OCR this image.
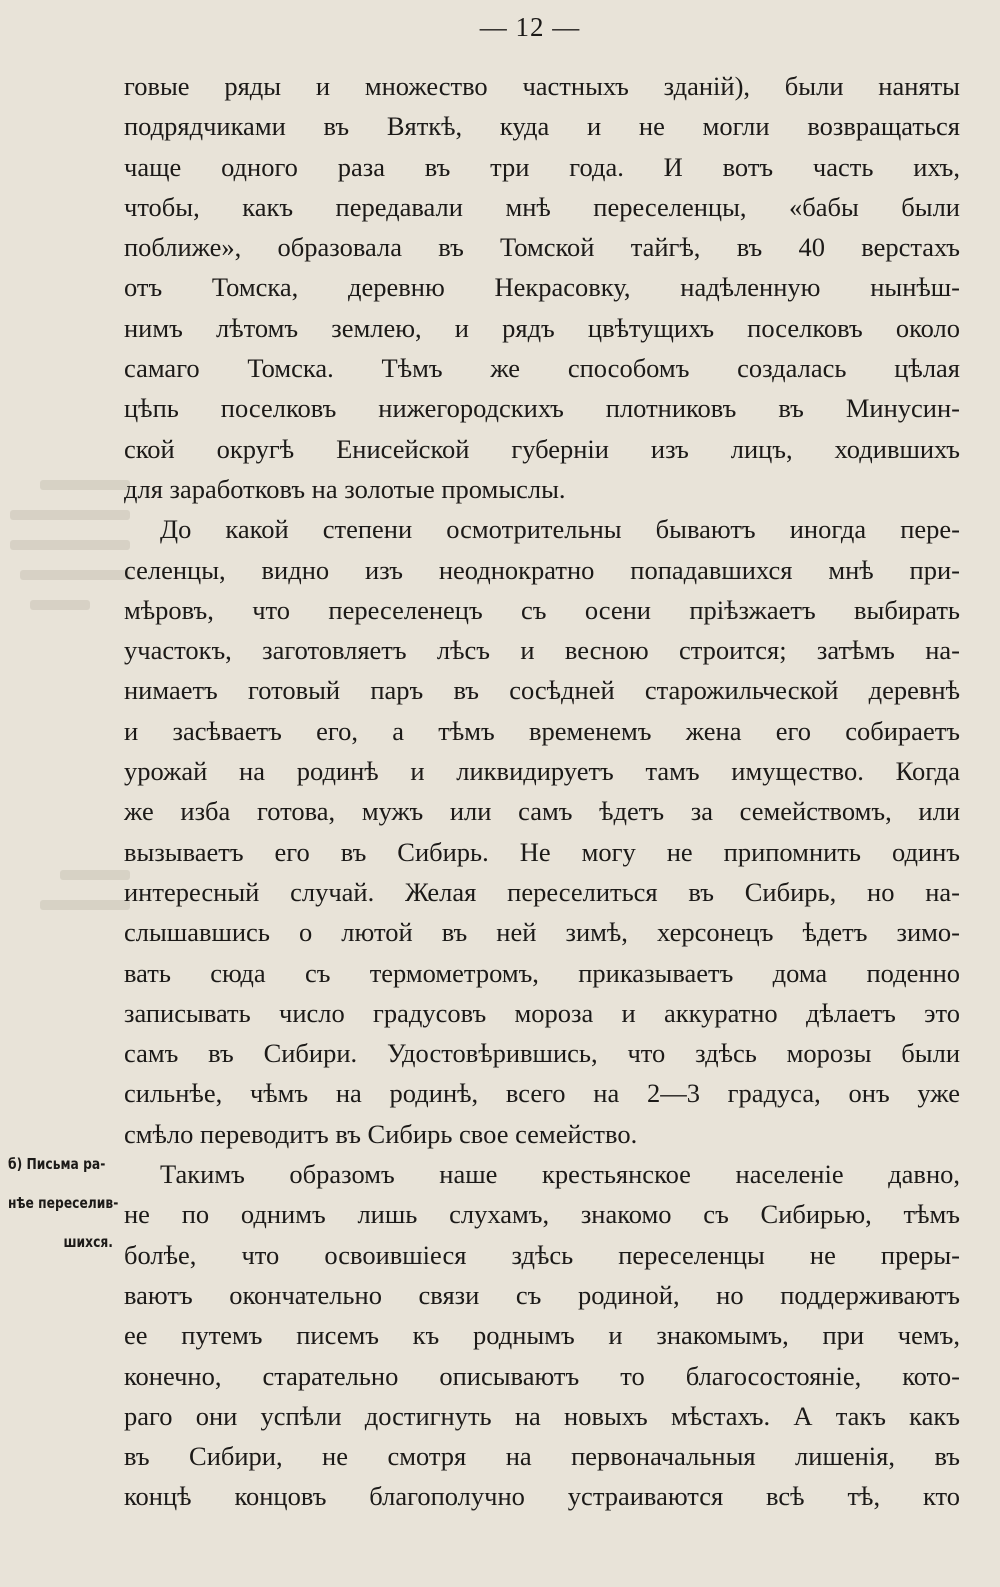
— 12 —
говые ряды и множество частныхъ зданій), были наняты
подрядчиками въ Вяткѣ, куда и не могли возвращаться
чаще одного раза въ три года. И вотъ часть ихъ,
чтобы, какъ передавали мнѣ переселенцы, «бабы были
поближе», образовала въ Томской тайгѣ, въ 40 верстахъ
отъ Томска, деревню Некрасовку, надѣленную нынѣш-
нимъ лѣтомъ землею, и рядъ цвѣтущихъ поселковъ около
самаго Томска. Тѣмъ же способомъ создалась цѣлая
цѣпь поселковъ нижегородскихъ плотниковъ въ Минусин-
ской округѣ Енисейской губерніи изъ лицъ, ходившихъ
для заработковъ на золотые промыслы.
До какой степени осмотрительны бываютъ иногда пере-
селенцы, видно изъ неоднократно попадавшихся мнѣ при-
мѣровъ, что переселенецъ съ осени пріѣзжаетъ выбирать
участокъ, заготовляетъ лѣсъ и весною строится; затѣмъ на-
нимаетъ готовый паръ въ сосѣдней старожильческой деревнѣ
и засѣваетъ его, а тѣмъ временемъ жена его собираетъ
урожай на родинѣ и ликвидируетъ тамъ имущество. Когда
же изба готова, мужъ или самъ ѣдетъ за семействомъ, или
вызываетъ его въ Сибирь. Не могу не припомнить одинъ
интересный случай. Желая переселиться въ Сибирь, но на-
слышавшись о лютой въ ней зимѣ, херсонецъ ѣдетъ зимо-
вать сюда съ термометромъ, приказываетъ дома поденно
записывать число градусовъ мороза и аккуратно дѣлаетъ это
самъ въ Сибири. Удостовѣрившись, что здѣсь морозы были
сильнѣе, чѣмъ на родинѣ, всего на 2—3 градуса, онъ уже
смѣло переводитъ въ Сибирь свое семейство.
Такимъ образомъ наше крестьянское населеніе давно,
не по однимъ лишь слухамъ, знакомо съ Сибирью, тѣмъ
болѣе, что освоившіеся здѣсь переселенцы не преры-
ваютъ окончательно связи съ родиной, но поддерживаютъ
ее путемъ писемъ къ роднымъ и знакомымъ, при чемъ,
конечно, старательно описываютъ то благосостояніе, кото-
раго они успѣли достигнуть на новыхъ мѣстахъ. А такъ какъ
въ Сибири, не смотря на первоначальныя лишенія, въ
концѣ концовъ благополучно устраиваются всѣ тѣ, кто
б) Письма ра-
нѣе переселив-
шихся.
